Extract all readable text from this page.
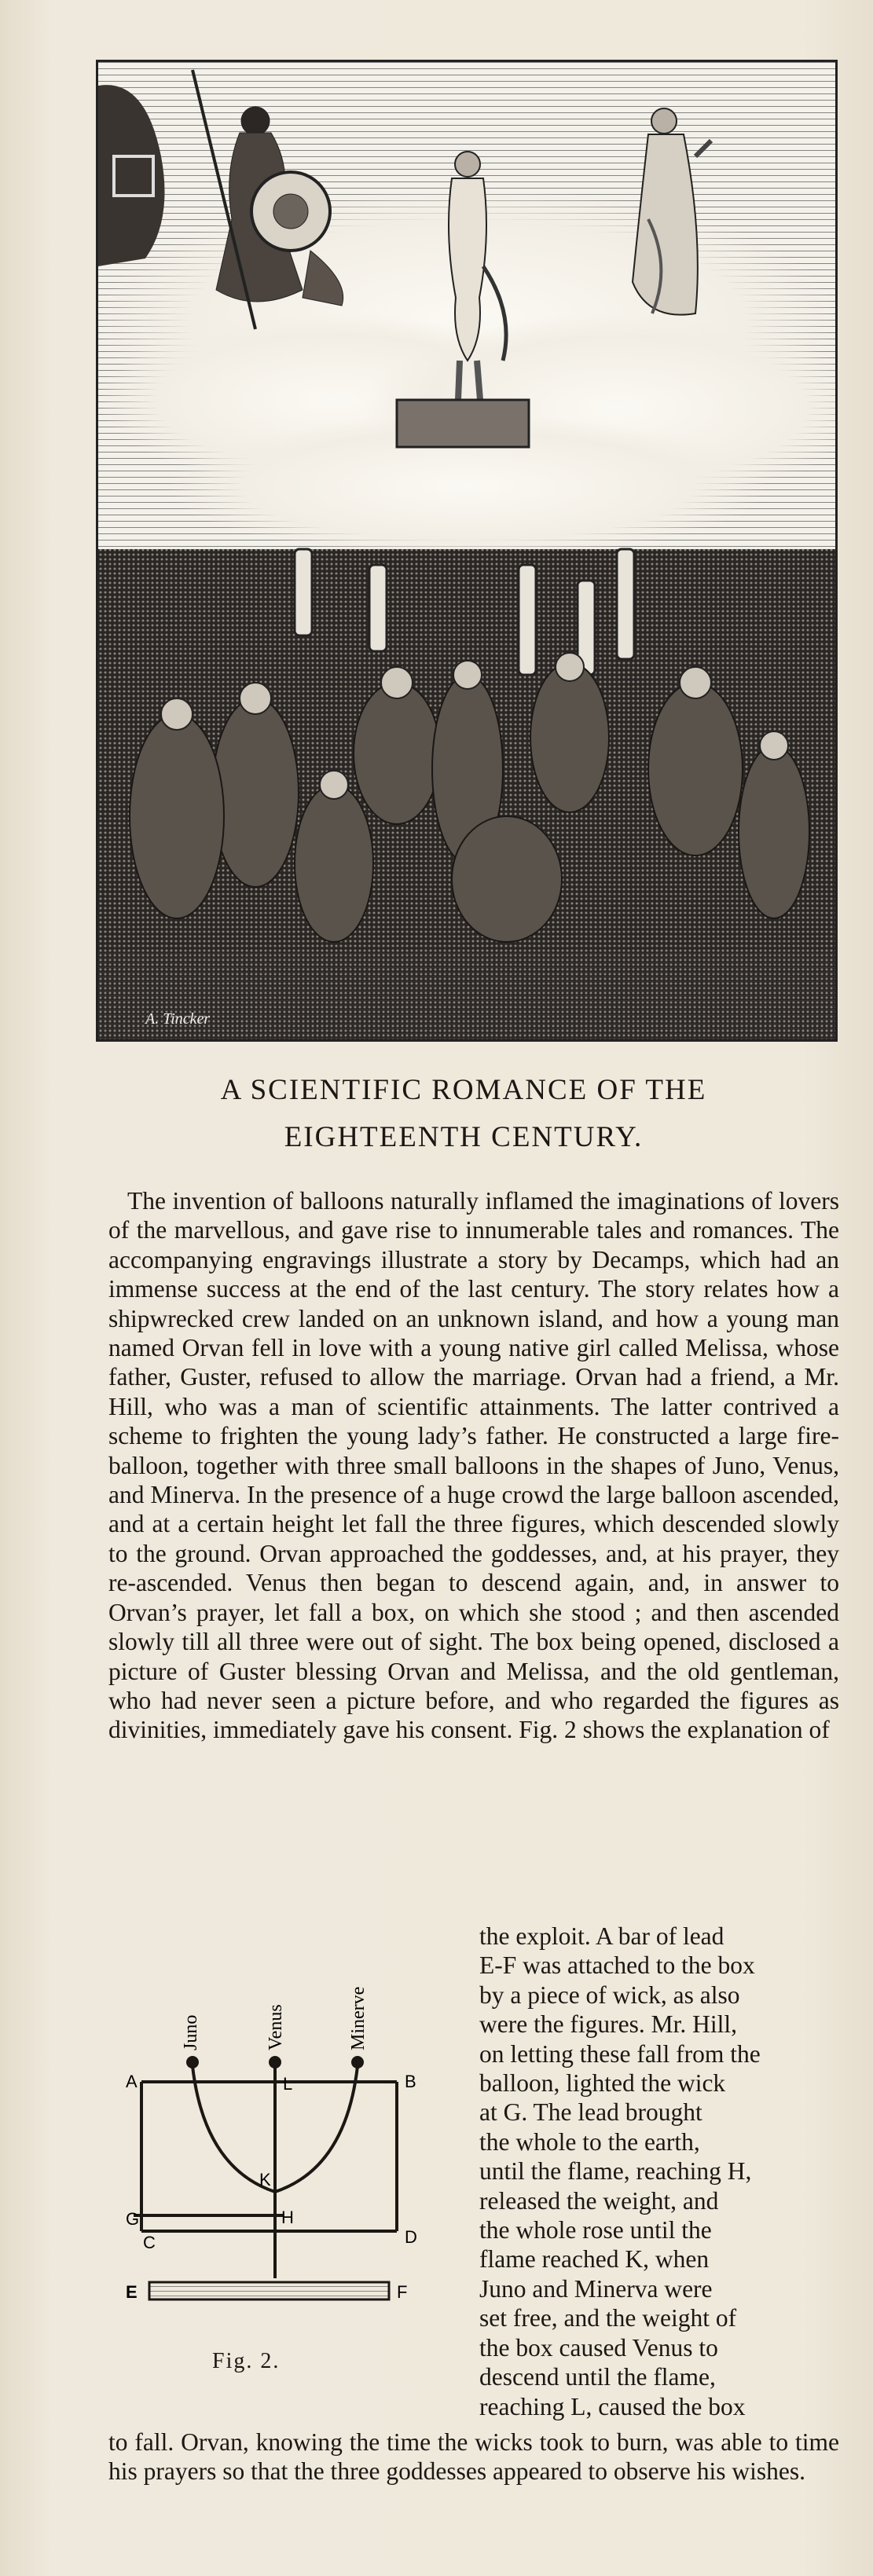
A. Tincker
A SCIENTIFIC ROMANCE OF THE
EIGHTEENTH CENTURY.
The invention of balloons naturally inflamed the imaginations of lovers of the marvellous, and gave rise to innumerable tales and romances. The accompanying engravings illustrate a story by Decamps, which had an immense success at the end of the last century. The story relates how a shipwrecked crew landed on an unknown island, and how a young man named Orvan fell in love with a young native girl called Melissa, whose father, Guster, refused to allow the marriage. Orvan had a friend, a Mr. Hill, who was a man of scientific attainments. The latter contrived a scheme to frighten the young lady’s father. He constructed a large fire-balloon, together with three small balloons in the shapes of Juno, Venus, and Minerva. In the presence of a huge crowd the large balloon ascended, and at a certain height let fall the three figures, which descended slowly to the ground. Orvan approached the goddesses, and, at his prayer, they re-ascended. Venus then began to descend again, and, in answer to Orvan’s prayer, let fall a box, on which she stood ; and then ascended slowly till all three were out of sight. The box being opened, disclosed a picture of Guster blessing Orvan and Melissa, and the old gentleman, who had never seen a picture before, and who regarded the figures as divinities, immediately gave his consent. Fig. 2 shows the explanation of
the exploit. A bar of lead
E-F was attached to the box
by a piece of wick, as also
were the figures. Mr. Hill,
on letting these fall from the
balloon, lighted the wick
at G. The lead brought
the whole to the earth,
until the flame, reaching H,
released the weight, and
the whole rose until the
flame reached K, when
Juno and Minerva were
set free, and the weight of
the box caused Venus to
descend until the flame,
reaching L, caused the box
Juno	Venus	Minerve
A	B
G
C	D
E	F
H
K
L
Fig. 2.
to fall. Orvan, knowing the time the wicks took to burn, was able to time his prayers so that the three goddesses appeared to observe his wishes.
